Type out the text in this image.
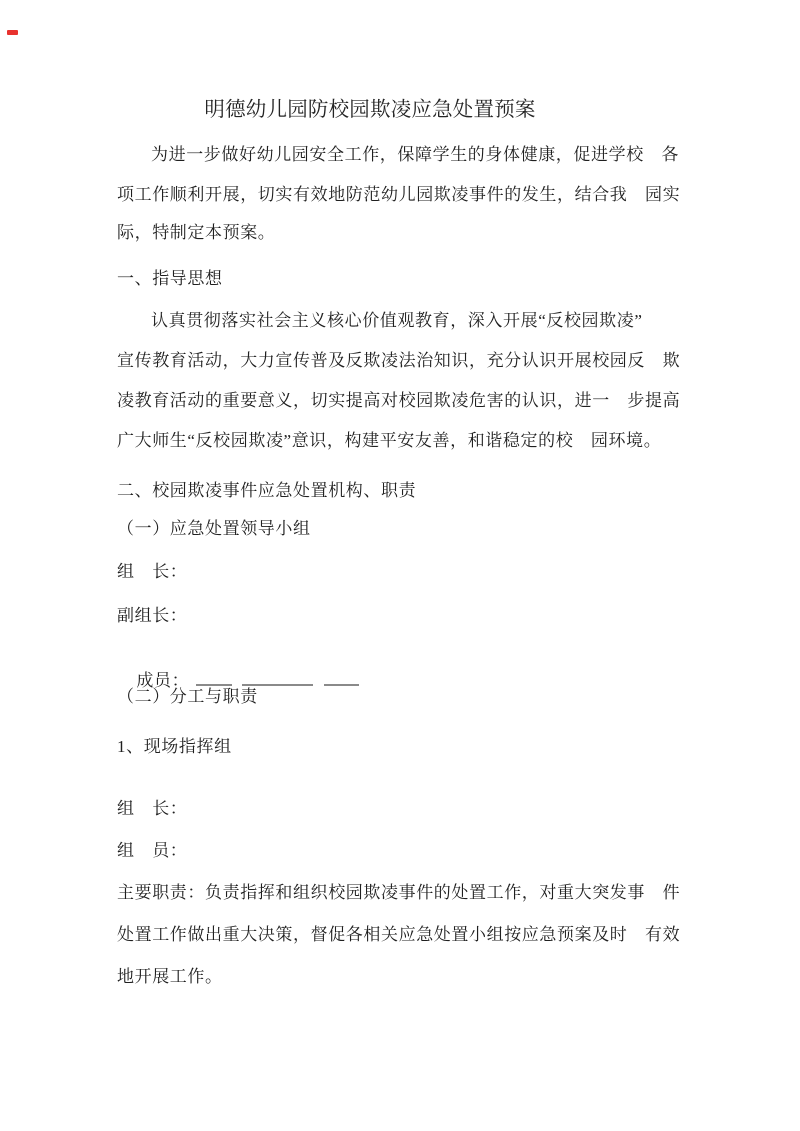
明德幼儿园防校园欺凌应急处置预案
为进一步做好幼儿园安全工作，保障学生的身体健康，促进学校　各
项工作顺利开展，切实有效地防范幼儿园欺凌事件的发生，结合我　园实
际，特制定本预案。
一、指导思想
认真贯彻落实社会主义核心价值观教育，深入开展“反校园欺凌”
宣传教育活动，大力宣传普及反欺凌法治知识，充分认识开展校园反　欺
凌教育活动的重要意义，切实提高对校园欺凌危害的认识，进一　步提高
广大师生“反校园欺凌”意识，构建平安友善，和谐稳定的校　园环境。
二、校园欺凌事件应急处置机构、职责
（一）应急处置领导小组
组　长：
副组长：

成员：

（二）分工与职责
1、现场指挥组
组　长：
组　员：
主要职责：负责指挥和组织校园欺凌事件的处置工作，对重大突发事　件
处置工作做出重大决策，督促各相关应急处置小组按应急预案及时　有效
地开展工作。
